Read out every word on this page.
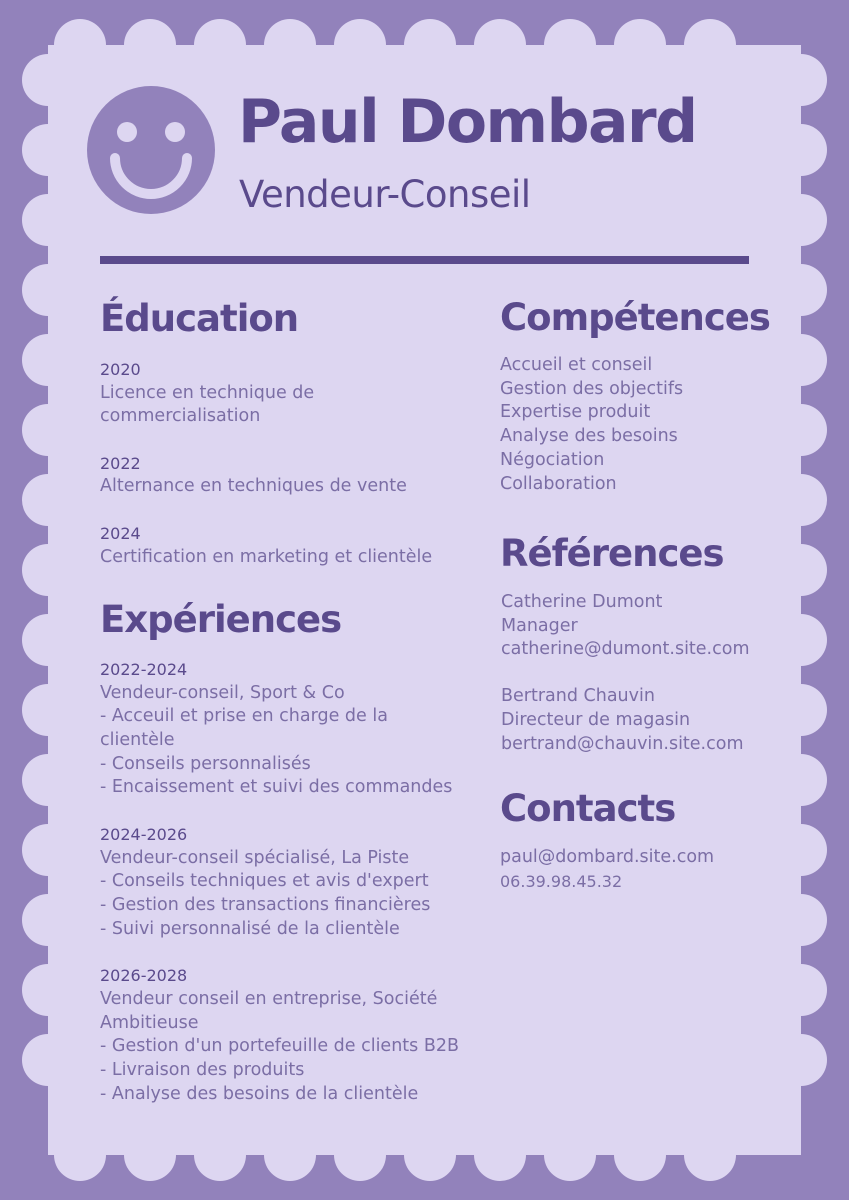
Paul Dombard
Vendeur-Conseil
Éducation
2020
Licence en technique de
commercialisation
2022
Alternance en techniques de vente
2024
Certification en marketing et clientèle
Expériences
2022-2024
Vendeur-conseil, Sport & Co
- Acceuil et prise en charge de la
clientèle
- Conseils personnalisés
- Encaissement et suivi des commandes
2024-2026
Vendeur-conseil spécialisé, La Piste
- Conseils techniques et avis d'expert
- Gestion des transactions financières
- Suivi personnalisé de la clientèle
2026-2028
Vendeur conseil en entreprise, Société
Ambitieuse
- Gestion d'un portefeuille de clients B2B
- Livraison des produits
- Analyse des besoins de la clientèle
Compétences
Accueil et conseil
Gestion des objectifs
Expertise produit
Analyse des besoins
Négociation
Collaboration
Références
Catherine Dumont
Manager
catherine@dumont.site.com
Bertrand Chauvin
Directeur de magasin
bertrand@chauvin.site.com
Contacts
paul@dombard.site.com
06.39.98.45.32
